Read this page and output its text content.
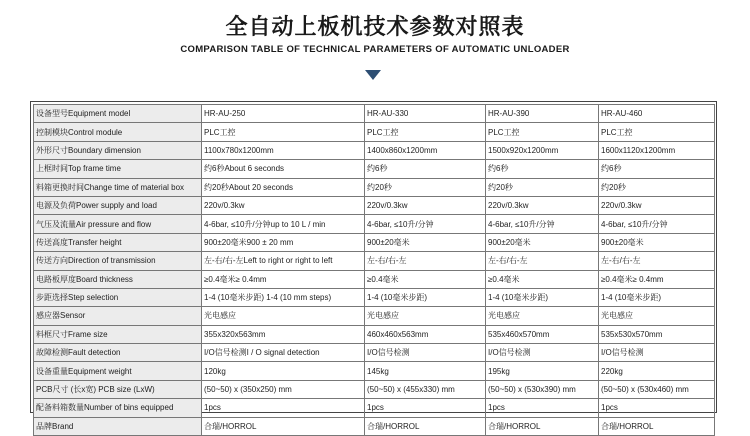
全自动上板机技术参数对照表
COMPARISON TABLE OF TECHNICAL PARAMETERS OF AUTOMATIC UNLOADER
设备型号Equipment model	HR-AU-250	HR-AU-330	HR-AU-390	HR-AU-460
控制模块Control module	PLC工控	PLC工控	PLC工控	PLC工控
外形尺寸Boundary dimension	1100x780x1200mm	1400x860x1200mm	1500x920x1200mm	1600x1120x1200mm
上框时间Top frame time	约6秒About 6 seconds	约6秒	约6秒	约6秒
料箱更换时间Change time of material box	约20秒About 20 seconds	约20秒	约20秒	约20秒
电源及负荷Power supply and load	220v/0.3kw	220v/0.3kw	220v/0.3kw	220v/0.3kw
气压及流量Air pressure and flow	4-6bar, ≤10升/分钟up to 10 L / min	4-6bar, ≤10升/分钟	4-6bar, ≤10升/分钟	4-6bar, ≤10升/分钟
传送高度Transfer height	900±20毫米900 ± 20 mm	900±20毫米	900±20毫米	900±20毫米
传送方向Direction of transmission	左-右/右-左Left to right or right to left	左-右/右-左	左-右/右-左	左-右/右-左
电路板厚度Board thickness	≥0.4毫米≥ 0.4mm	≥0.4毫米	≥0.4毫米	≥0.4毫米≥ 0.4mm
步距选择Step selection	1-4 (10毫米步距) 1-4 (10 mm steps)	1-4 (10毫米步距)	1-4 (10毫米步距)	1-4 (10毫米步距)
感应器Sensor	光电感应	光电感应	光电感应	光电感应
料框尺寸Frame size	355x320x563mm	460x460x563mm	535x460x570mm	535x530x570mm
故障检测Fault detection	I/O信号检测I / O signal detection	I/O信号检测	I/O信号检测	I/O信号检测
设备重量Equipment weight	120kg	145kg	195kg	220kg
PCB尺寸 (长x宽) PCB size (LxW)	(50~50) x (350x250) mm	(50~50) x (455x330) mm	(50~50) x (530x390) mm	(50~50) x (530x460) mm
配备料箱数量Number of bins equipped	1pcs	1pcs	1pcs	1pcs
品牌Brand	合瑞/HORROL	合瑞/HORROL	合瑞/HORROL	合瑞/HORROL
